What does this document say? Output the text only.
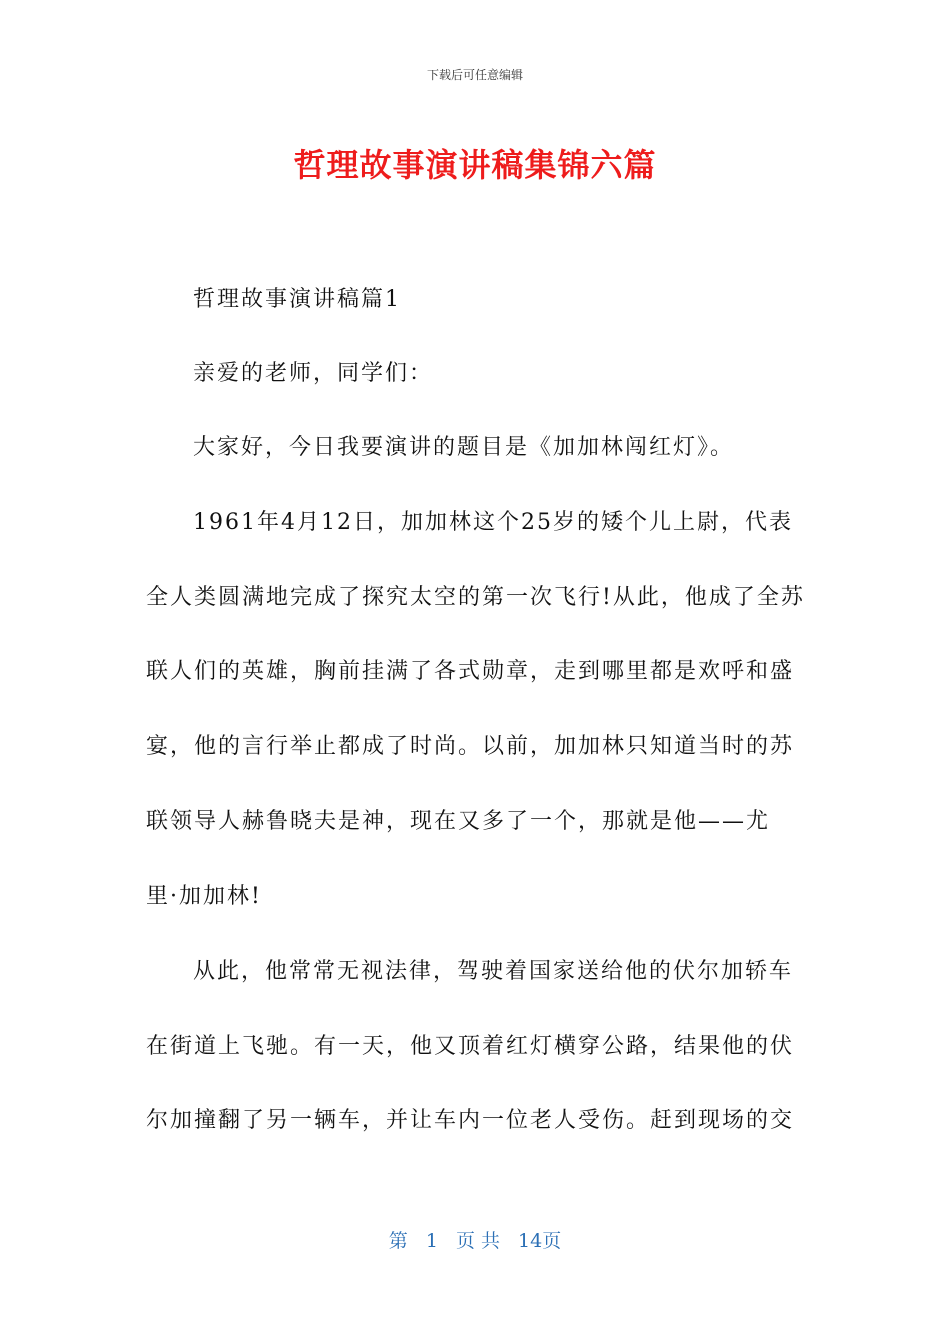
下载后可任意编辑
哲理故事演讲稿集锦六篇
哲理故事演讲稿篇1
亲爱的老师，同学们：
大家好，今日我要演讲的题目是《加加林闯红灯》。
1961年4月12日，加加林这个25岁的矮个儿上尉，代表
全人类圆满地完成了探究太空的第一次飞行!从此，他成了全苏
联人们的英雄，胸前挂满了各式勋章，走到哪里都是欢呼和盛
宴，他的言行举止都成了时尚。以前，加加林只知道当时的苏
联领导人赫鲁晓夫是神，现在又多了一个，那就是他——尤
里·加加林!
从此，他常常无视法律，驾驶着国家送给他的伏尔加轿车
在街道上飞驰。有一天，他又顶着红灯横穿公路，结果他的伏
尔加撞翻了另一辆车，并让车内一位老人受伤。赶到现场的交
第 1 页 共 14页
